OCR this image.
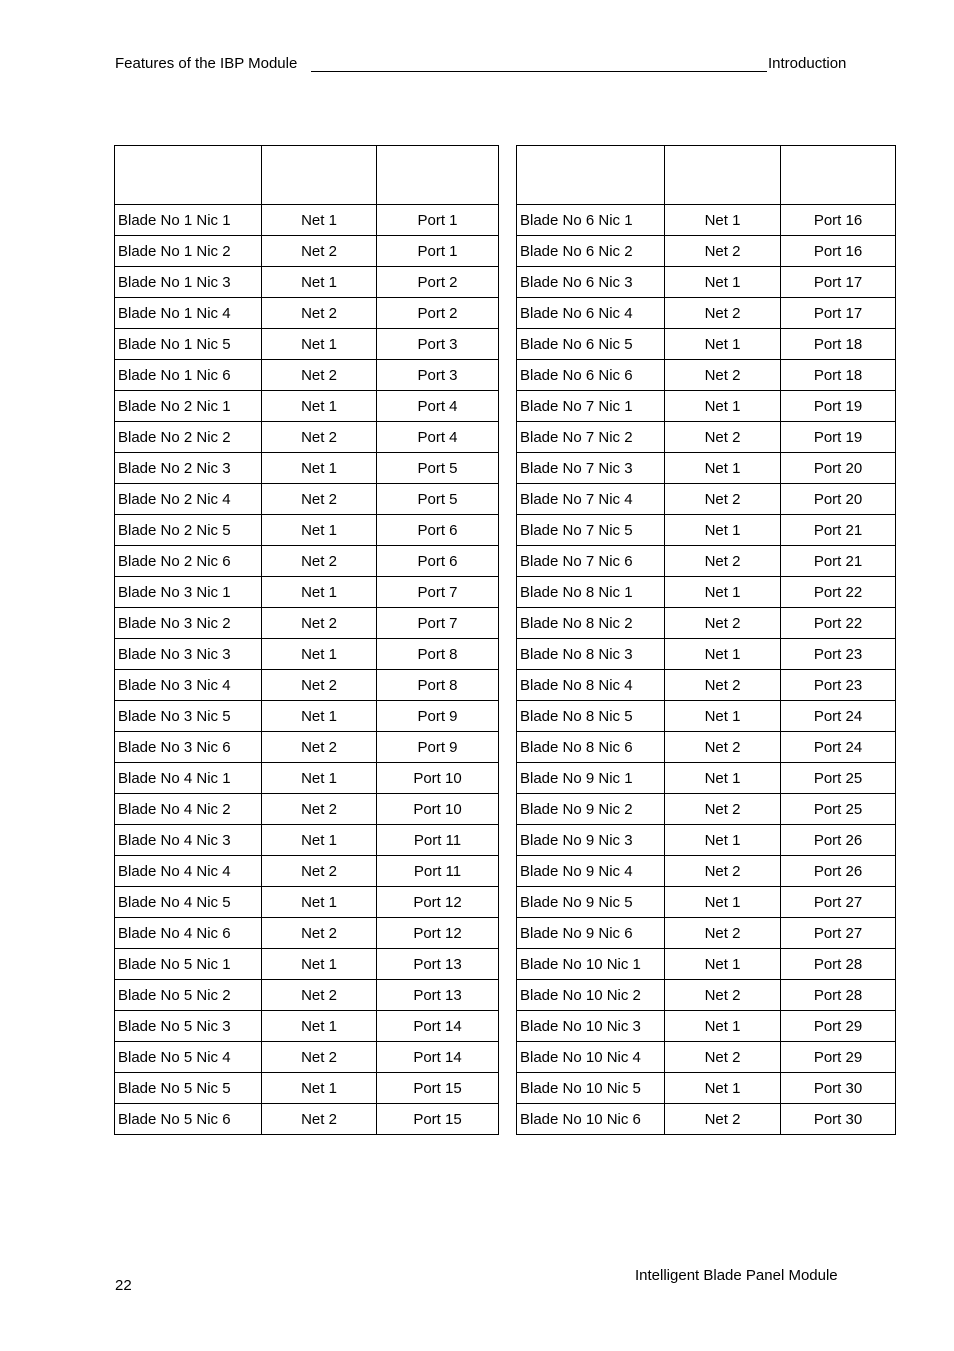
Features of the IBP Module	Introduction

Blade No 1 Nic 1	Net 1	Port 1
Blade No 1 Nic 2	Net 2	Port 1
Blade No 1 Nic 3	Net 1	Port 2
Blade No 1 Nic 4	Net 2	Port 2
Blade No 1 Nic 5	Net 1	Port 3
Blade No 1 Nic 6	Net 2	Port 3
Blade No 2 Nic 1	Net 1	Port 4
Blade No 2 Nic 2	Net 2	Port 4
Blade No 2 Nic 3	Net 1	Port 5
Blade No 2 Nic 4	Net 2	Port 5
Blade No 2 Nic 5	Net 1	Port 6
Blade No 2 Nic 6	Net 2	Port 6
Blade No 3 Nic 1	Net 1	Port 7
Blade No 3 Nic 2	Net 2	Port 7
Blade No 3 Nic 3	Net 1	Port 8
Blade No 3 Nic 4	Net 2	Port 8
Blade No 3 Nic 5	Net 1	Port 9
Blade No 3 Nic 6	Net 2	Port 9
Blade No 4 Nic 1	Net 1	Port 10
Blade No 4 Nic 2	Net 2	Port 10
Blade No 4 Nic 3	Net 1	Port 11
Blade No 4 Nic 4	Net 2	Port 11
Blade No 4 Nic 5	Net 1	Port 12
Blade No 4 Nic 6	Net 2	Port 12
Blade No 5 Nic 1	Net 1	Port 13
Blade No 5 Nic 2	Net 2	Port 13
Blade No 5 Nic 3	Net 1	Port 14
Blade No 5 Nic 4	Net 2	Port 14
Blade No 5 Nic 5	Net 1	Port 15
Blade No 5 Nic 6	Net 2	Port 15

Blade No 6 Nic 1	Net 1	Port 16
Blade No 6 Nic 2	Net 2	Port 16
Blade No 6 Nic 3	Net 1	Port 17
Blade No 6 Nic 4	Net 2	Port 17
Blade No 6 Nic 5	Net 1	Port 18
Blade No 6 Nic 6	Net 2	Port 18
Blade No 7 Nic 1	Net 1	Port 19
Blade No 7 Nic 2	Net 2	Port 19
Blade No 7 Nic 3	Net 1	Port 20
Blade No 7 Nic 4	Net 2	Port 20
Blade No 7 Nic 5	Net 1	Port 21
Blade No 7 Nic 6	Net 2	Port 21
Blade No 8 Nic 1	Net 1	Port 22
Blade No 8 Nic 2	Net 2	Port 22
Blade No 8 Nic 3	Net 1	Port 23
Blade No 8 Nic 4	Net 2	Port 23
Blade No 8 Nic 5	Net 1	Port 24
Blade No 8 Nic 6	Net 2	Port 24
Blade No 9 Nic 1	Net 1	Port 25
Blade No 9 Nic 2	Net 2	Port 25
Blade No 9 Nic 3	Net 1	Port 26
Blade No 9 Nic 4	Net 2	Port 26
Blade No 9 Nic 5	Net 1	Port 27
Blade No 9 Nic 6	Net 2	Port 27
Blade No 10 Nic 1	Net 1	Port 28
Blade No 10 Nic 2	Net 2	Port 28
Blade No 10 Nic 3	Net 1	Port 29
Blade No 10 Nic 4	Net 2	Port 29
Blade No 10 Nic 5	Net 1	Port 30
Blade No 10 Nic 6	Net 2	Port 30
22
Intelligent Blade Panel Module
